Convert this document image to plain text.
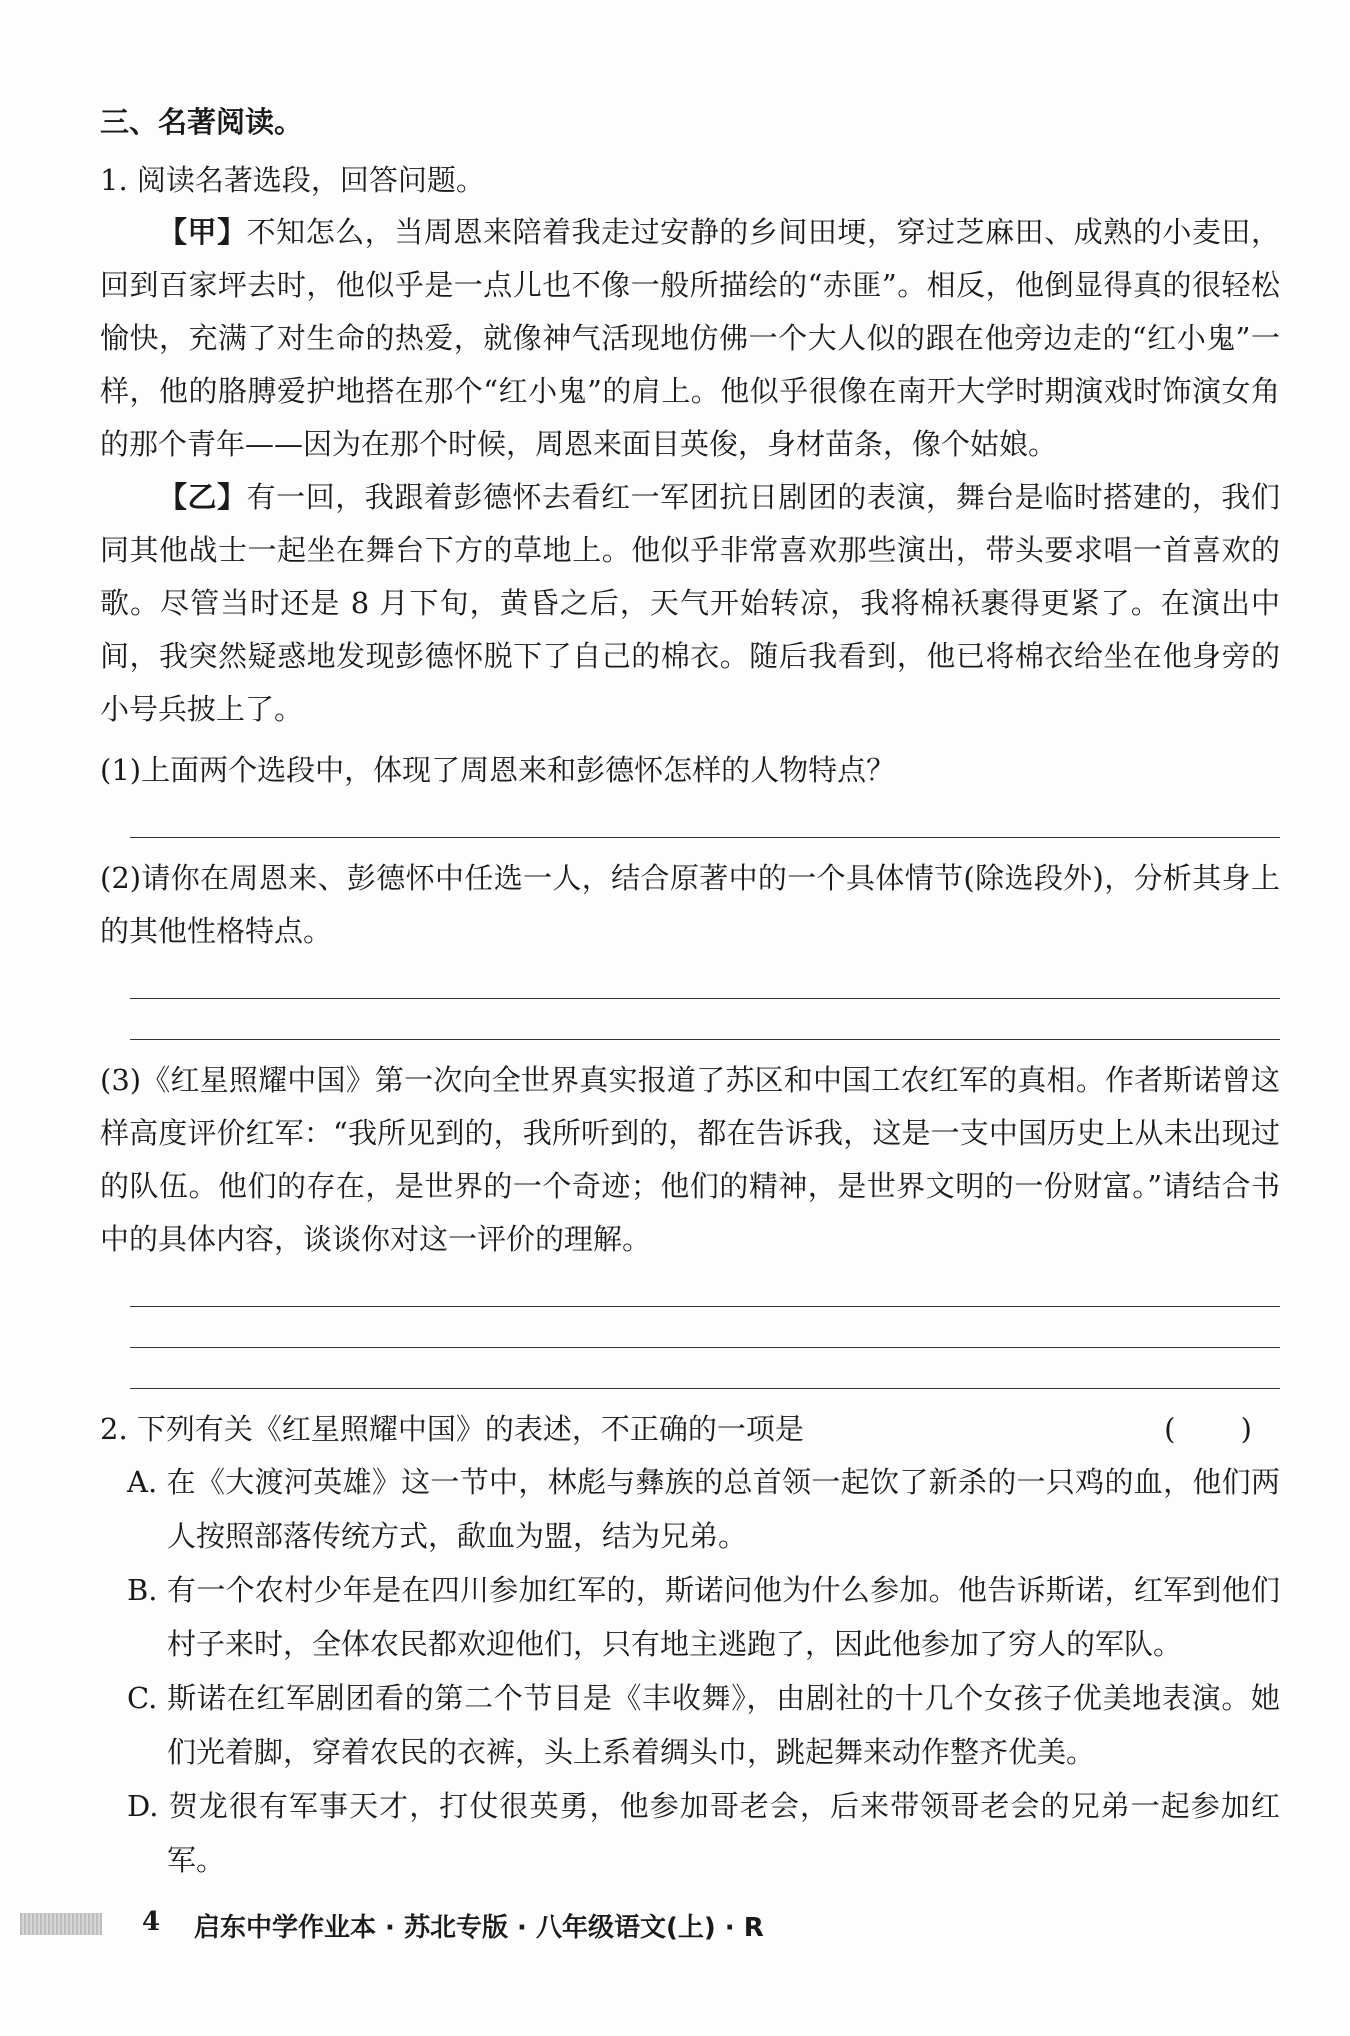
三、名著阅读。
1. 阅读名著选段，回答问题。

【甲】不知怎么，当周恩来陪着我走过安静的乡间田埂，穿过芝麻田、成熟的小麦田，回到百家坪去时，他似乎是一点儿也不像一般所描绘的“赤匪”。相反，他倒显得真的很轻松愉快，充满了对生命的热爱，就像神气活现地仿佛一个大人似的跟在他旁边走的“红小鬼”一样，他的胳膊爱护地搭在那个“红小鬼”的肩上。他似乎很像在南开大学时期演戏时饰演女角的那个青年——因为在那个时候，周恩来面目英俊，身材苗条，像个姑娘。

【乙】有一回，我跟着彭德怀去看红一军团抗日剧团的表演，舞台是临时搭建的，我们同其他战士一起坐在舞台下方的草地上。他似乎非常喜欢那些演出，带头要求唱一首喜欢的歌。尽管当时还是 8 月下旬，黄昏之后，天气开始转凉，我将棉袄裹得更紧了。在演出中间，我突然疑惑地发现彭德怀脱下了自己的棉衣。随后我看到，他已将棉衣给坐在他身旁的小号兵披上了。

(1)上面两个选段中，体现了周恩来和彭德怀怎样的人物特点？

(2)请你在周恩来、彭德怀中任选一人，结合原著中的一个具体情节(除选段外)，分析其身上的其他性格特点。

(3)《红星照耀中国》第一次向全世界真实报道了苏区和中国工农红军的真相。作者斯诺曾这样高度评价红军：“我所见到的，我所听到的，都在告诉我，这是一支中国历史上从未出现过的队伍。他们的存在，是世界的一个奇迹；他们的精神，是世界文明的一份财富。”请结合书中的具体内容，谈谈你对这一评价的理解。

2. 下列有关《红星照耀中国》的表述，不正确的一项是	( )

A. 在《大渡河英雄》这一节中，林彪与彝族的总首领一起饮了新杀的一只鸡的血，他们两人按照部落传统方式，歃血为盟，结为兄弟。

B. 有一个农村少年是在四川参加红军的，斯诺问他为什么参加。他告诉斯诺，红军到他们村子来时，全体农民都欢迎他们，只有地主逃跑了，因此他参加了穷人的军队。

C. 斯诺在红军剧团看的第二个节目是《丰收舞》，由剧社的十几个女孩子优美地表演。她们光着脚，穿着农民的衣裤，头上系着绸头巾，跳起舞来动作整齐优美。

D. 贺龙很有军事天才，打仗很英勇，他参加哥老会，后来带领哥老会的兄弟一起参加红军。

4 启东中学作业本 · 苏北专版 · 八年级语文(上) · R
